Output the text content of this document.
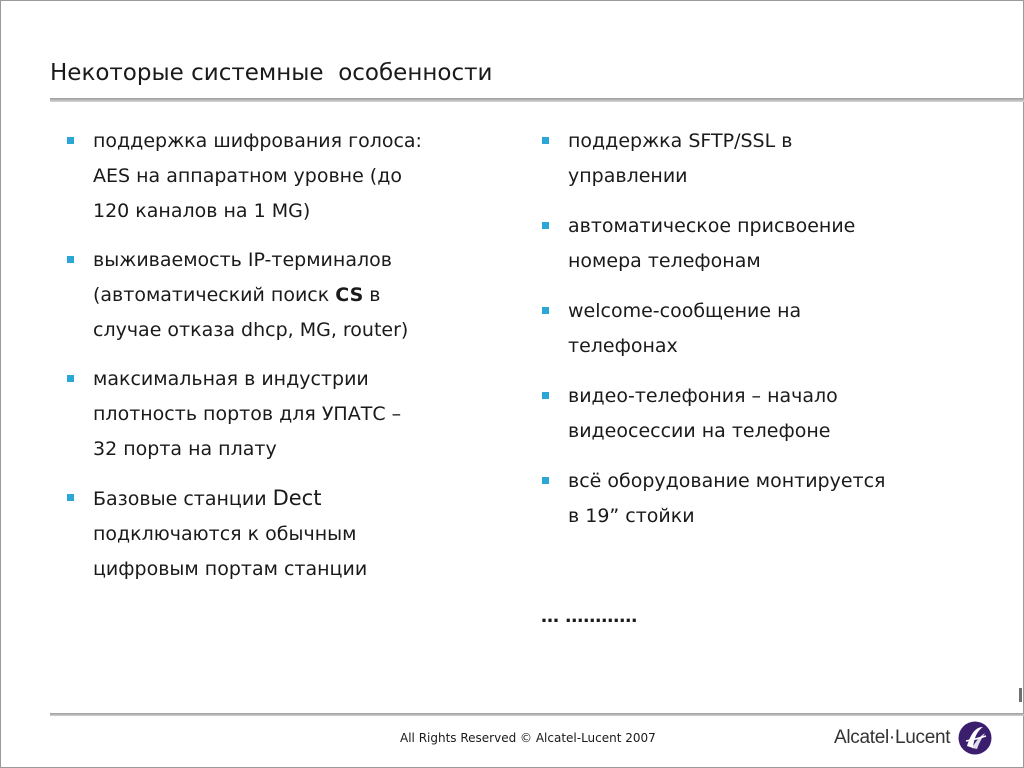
Некоторые системные  особенности
поддержка шифрования голоса: AES на аппаратном уровне (до 120 каналов на 1 MG)
выживаемость IP-терминалов (автоматический поиск CS в случае отказа dhcp, MG, router)
максимальная в индустрии плотность портов для УПАТС – 32 порта на плату
Базовые станции Dect подключаются к обычным цифровым портам станции
поддержка SFTP/SSL в управлении
автоматическое присвоение номера телефонам
welcome-сообщение на телефонах
видео-телефония – начало видеосессии на телефоне
всё оборудование монтируется в 19” стойки
… …………
All Rights Reserved © Alcatel-Lucent 2007	Alcatel·Lucent
